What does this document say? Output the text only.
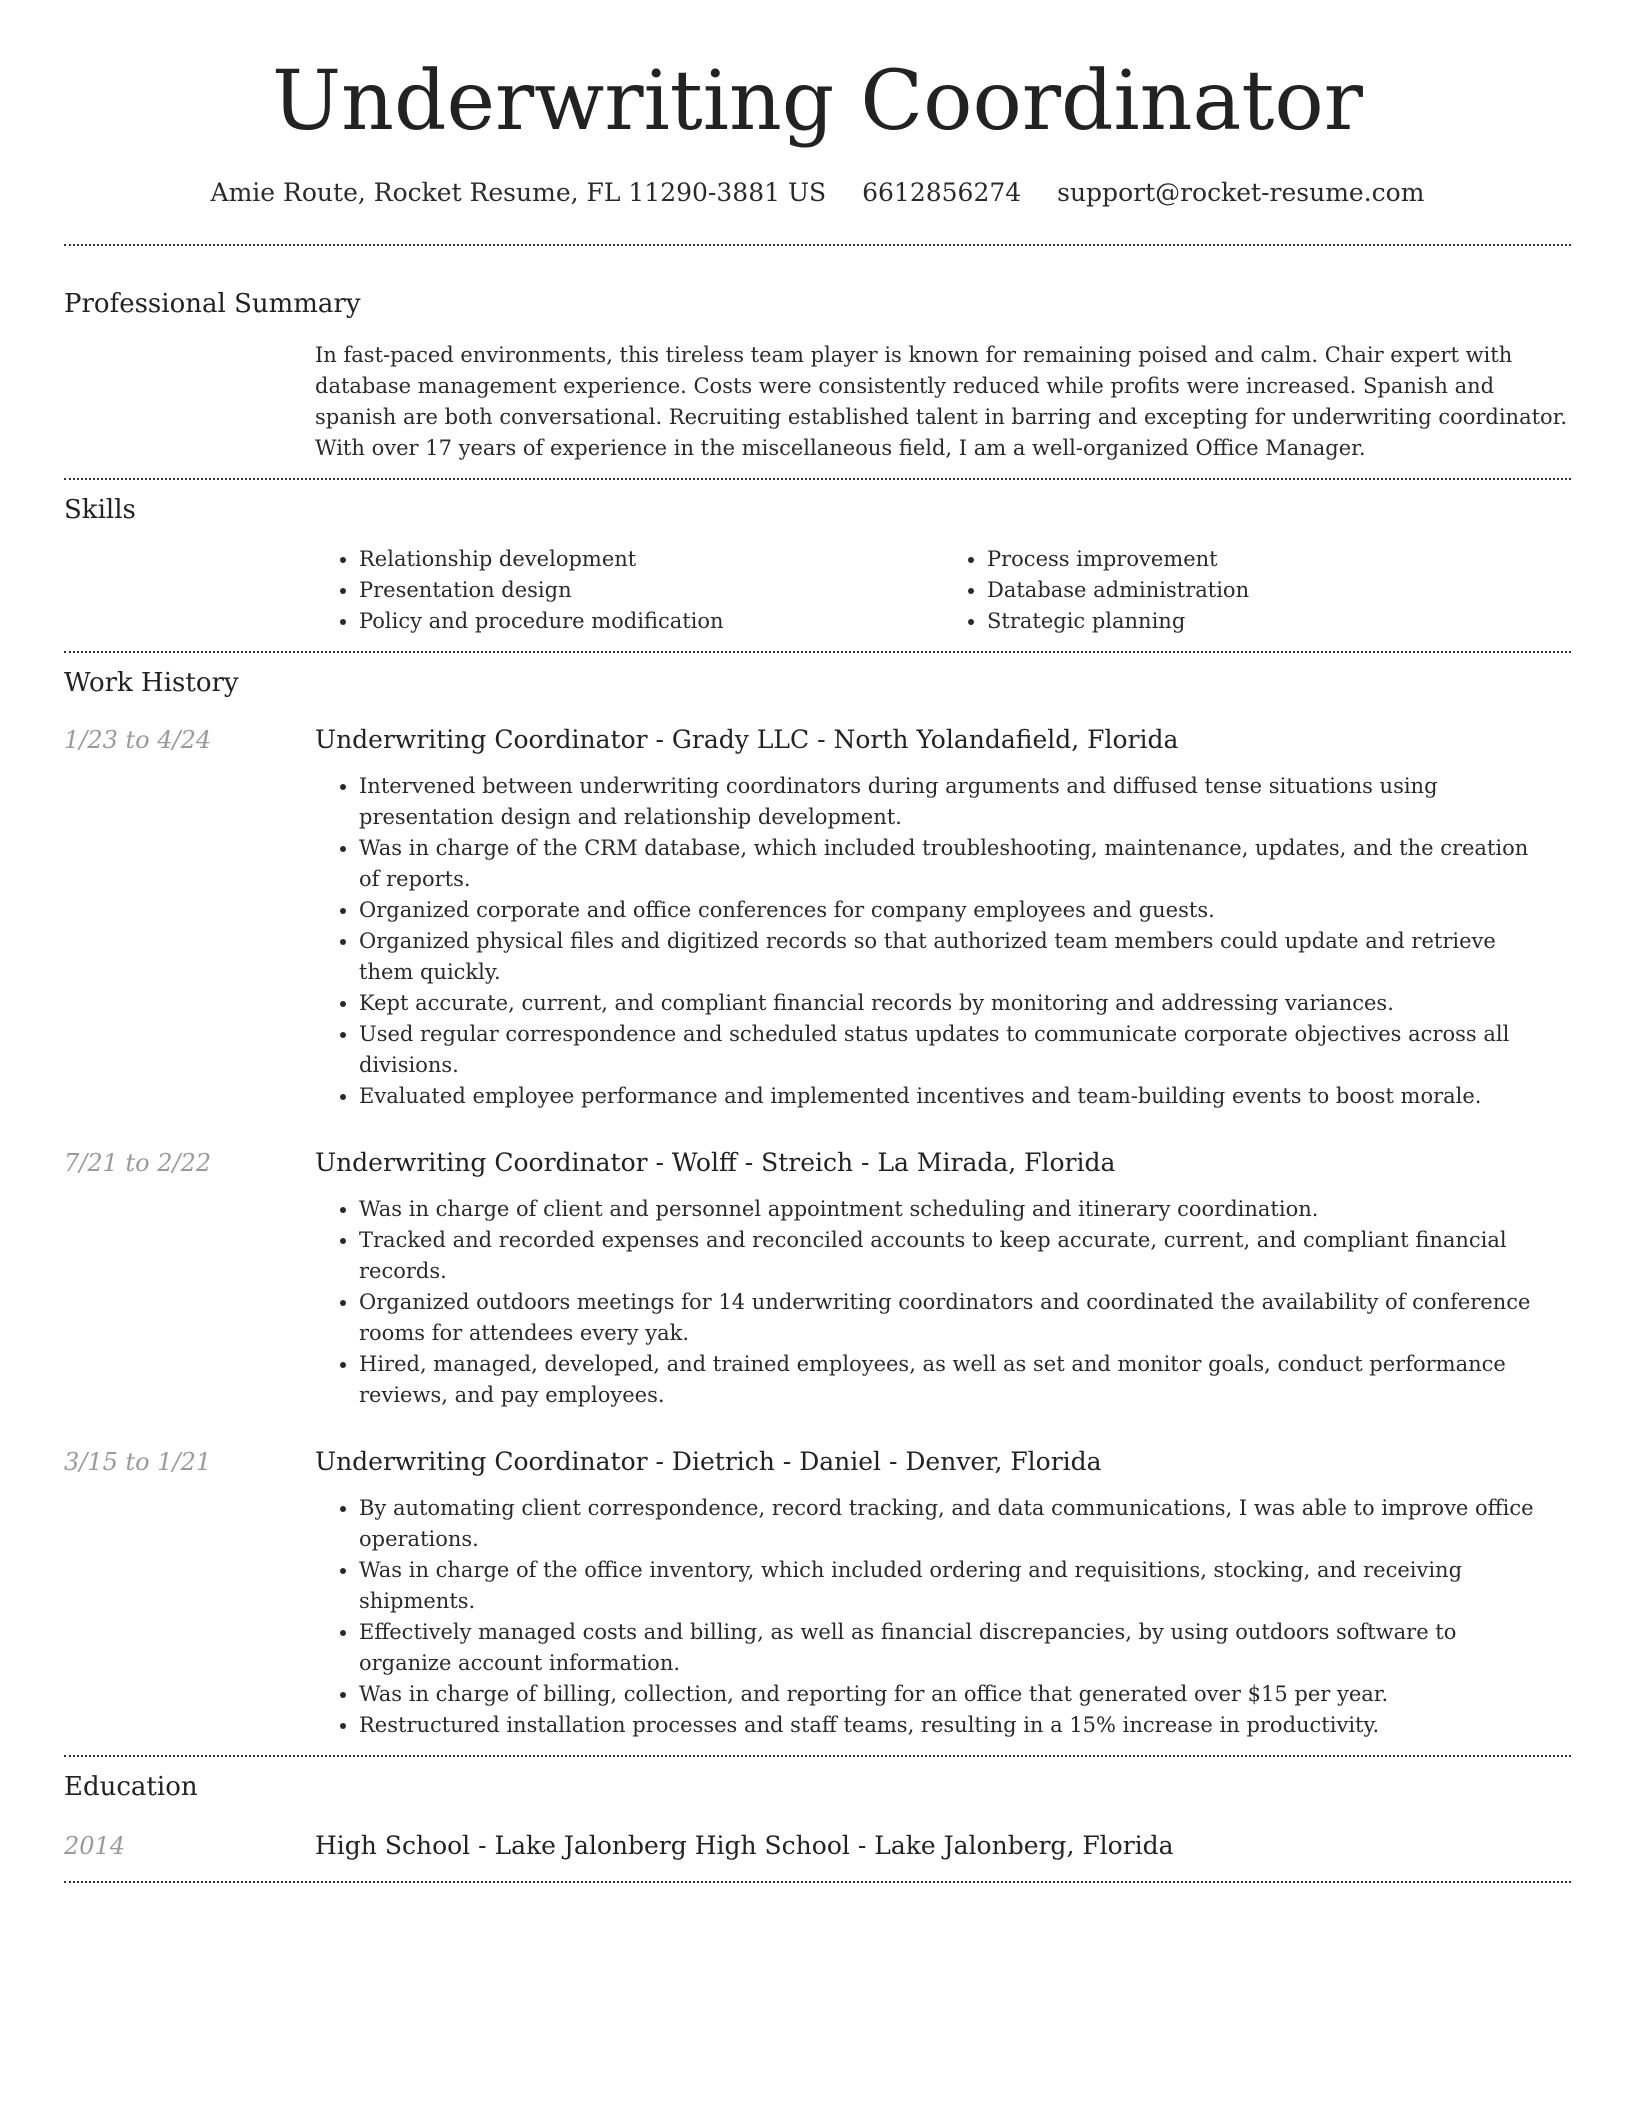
Underwriting Coordinator
Amie Route, Rocket Resume, FL 11290-3881 US 6612856274 support@rocket-resume.com
Professional Summary
In fast-paced environments, this tireless team player is known for remaining poised and calm. Chair expert with database management experience. Costs were consistently reduced while profits were increased. Spanish and spanish are both conversational. Recruiting established talent in barring and excepting for underwriting coordinator. With over 17 years of experience in the miscellaneous field, I am a well-organized Office Manager.
Skills
• Relationship development
• Presentation design
• Policy and procedure modification
• Process improvement
• Database administration
• Strategic planning
Work History
1/23 to 4/24	Underwriting Coordinator - Grady LLC - North Yolandafield, Florida
• Intervened between underwriting coordinators during arguments and diffused tense situations using presentation design and relationship development.
• Was in charge of the CRM database, which included troubleshooting, maintenance, updates, and the creation of reports.
• Organized corporate and office conferences for company employees and guests.
• Organized physical files and digitized records so that authorized team members could update and retrieve them quickly.
• Kept accurate, current, and compliant financial records by monitoring and addressing variances.
• Used regular correspondence and scheduled status updates to communicate corporate objectives across all divisions.
• Evaluated employee performance and implemented incentives and team-building events to boost morale.
7/21 to 2/22	Underwriting Coordinator - Wolff - Streich - La Mirada, Florida
• Was in charge of client and personnel appointment scheduling and itinerary coordination.
• Tracked and recorded expenses and reconciled accounts to keep accurate, current, and compliant financial records.
• Organized outdoors meetings for 14 underwriting coordinators and coordinated the availability of conference rooms for attendees every yak.
• Hired, managed, developed, and trained employees, as well as set and monitor goals, conduct performance reviews, and pay employees.
3/15 to 1/21	Underwriting Coordinator - Dietrich - Daniel - Denver, Florida
• By automating client correspondence, record tracking, and data communications, I was able to improve office operations.
• Was in charge of the office inventory, which included ordering and requisitions, stocking, and receiving shipments.
• Effectively managed costs and billing, as well as financial discrepancies, by using outdoors software to organize account information.
• Was in charge of billing, collection, and reporting for an office that generated over $15 per year.
• Restructured installation processes and staff teams, resulting in a 15% increase in productivity.
Education
2014	High School - Lake Jalonberg High School - Lake Jalonberg, Florida
